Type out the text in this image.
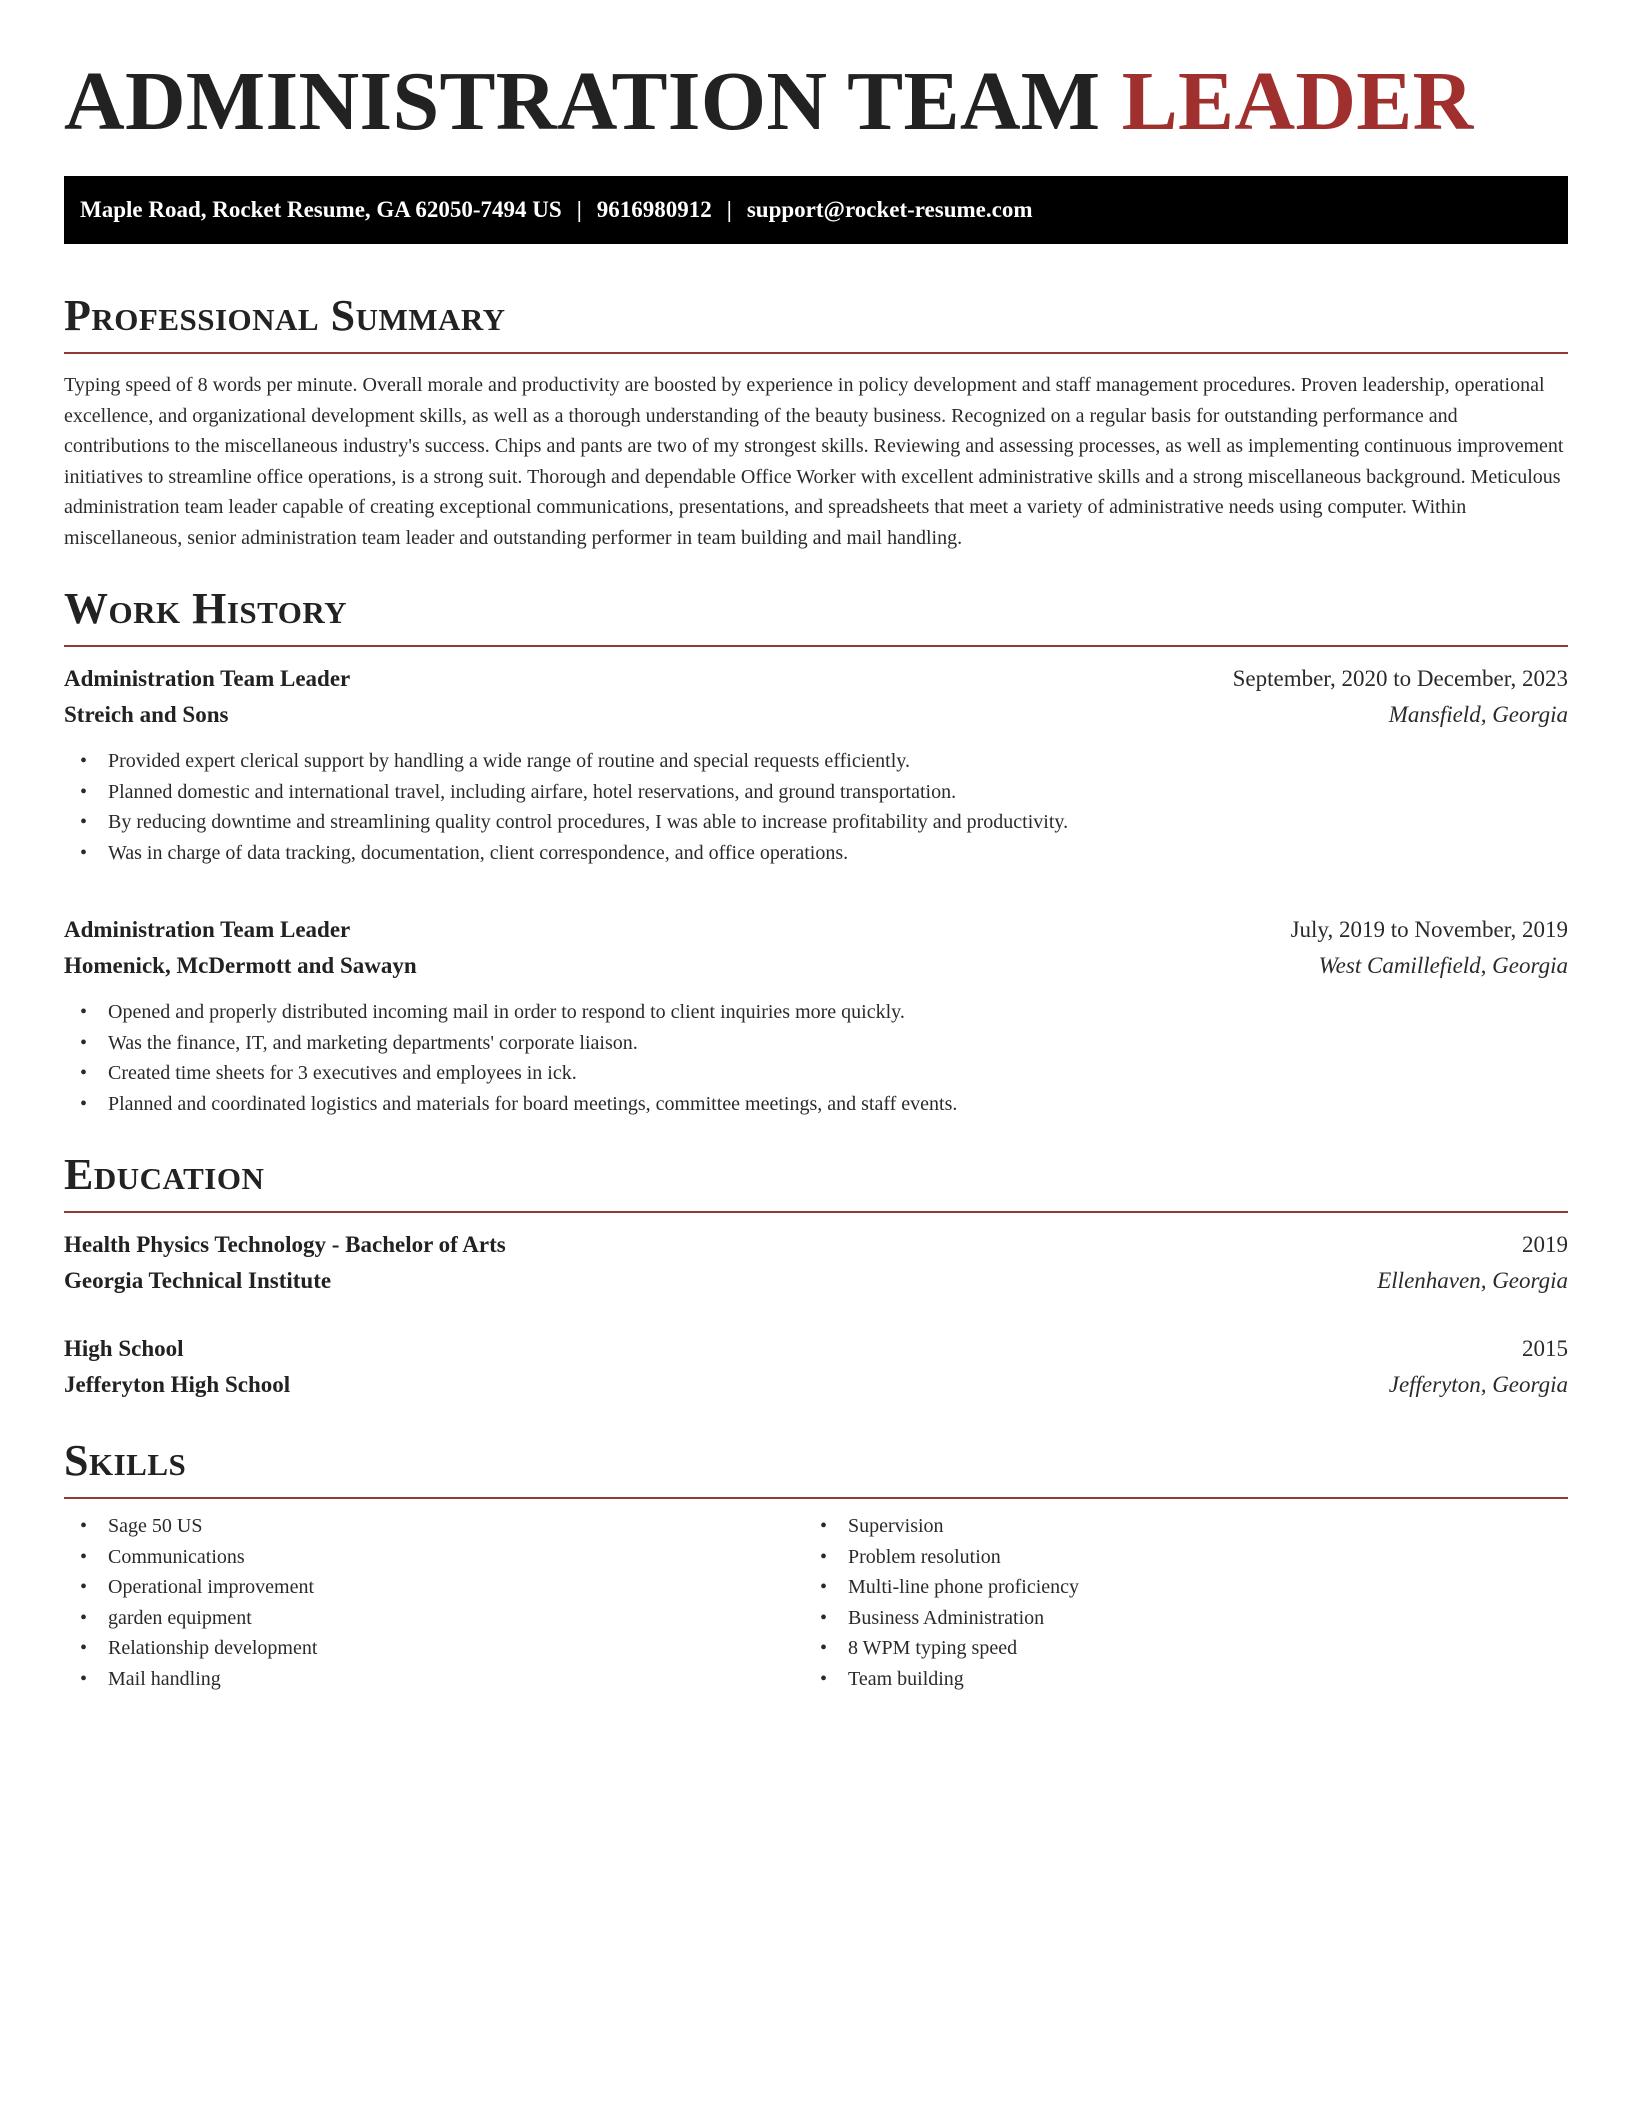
ADMINISTRATION TEAM LEADER
Maple Road, Rocket Resume, GA 62050-7494 US | 9616980912 | support@rocket-resume.com
Professional Summary

Typing speed of 8 words per minute. Overall morale and productivity are boosted by experience in policy development and staff management procedures. Proven leadership, operational excellence, and organizational development skills, as well as a thorough understanding of the beauty business. Recognized on a regular basis for outstanding performance and contributions to the miscellaneous industry's success. Chips and pants are two of my strongest skills. Reviewing and assessing processes, as well as implementing continuous improvement initiatives to streamline office operations, is a strong suit. Thorough and dependable Office Worker with excellent administrative skills and a strong miscellaneous background. Meticulous administration team leader capable of creating exceptional communications, presentations, and spreadsheets that meet a variety of administrative needs using computer. Within miscellaneous, senior administration team leader and outstanding performer in team building and mail handling.

Work History
Administration Team Leader	September, 2020 to December, 2023
Streich and Sons	Mansfield, Georgia
• Provided expert clerical support by handling a wide range of routine and special requests efficiently.
• Planned domestic and international travel, including airfare, hotel reservations, and ground transportation.
• By reducing downtime and streamlining quality control procedures, I was able to increase profitability and productivity.
• Was in charge of data tracking, documentation, client correspondence, and office operations.
Administration Team Leader	July, 2019 to November, 2019
Homenick, McDermott and Sawayn	West Camillefield, Georgia
• Opened and properly distributed incoming mail in order to respond to client inquiries more quickly.
• Was the finance, IT, and marketing departments' corporate liaison.
• Created time sheets for 3 executives and employees in ick.
• Planned and coordinated logistics and materials for board meetings, committee meetings, and staff events.
Education
Health Physics Technology - Bachelor of Arts	2019
Georgia Technical Institute	Ellenhaven, Georgia
High School	2015
Jefferyton High School	Jefferyton, Georgia
Skills
• Sage 50 US
• Communications
• Operational improvement
• garden equipment
• Relationship development
• Mail handling
• Supervision
• Problem resolution
• Multi-line phone proficiency
• Business Administration
• 8 WPM typing speed
• Team building
